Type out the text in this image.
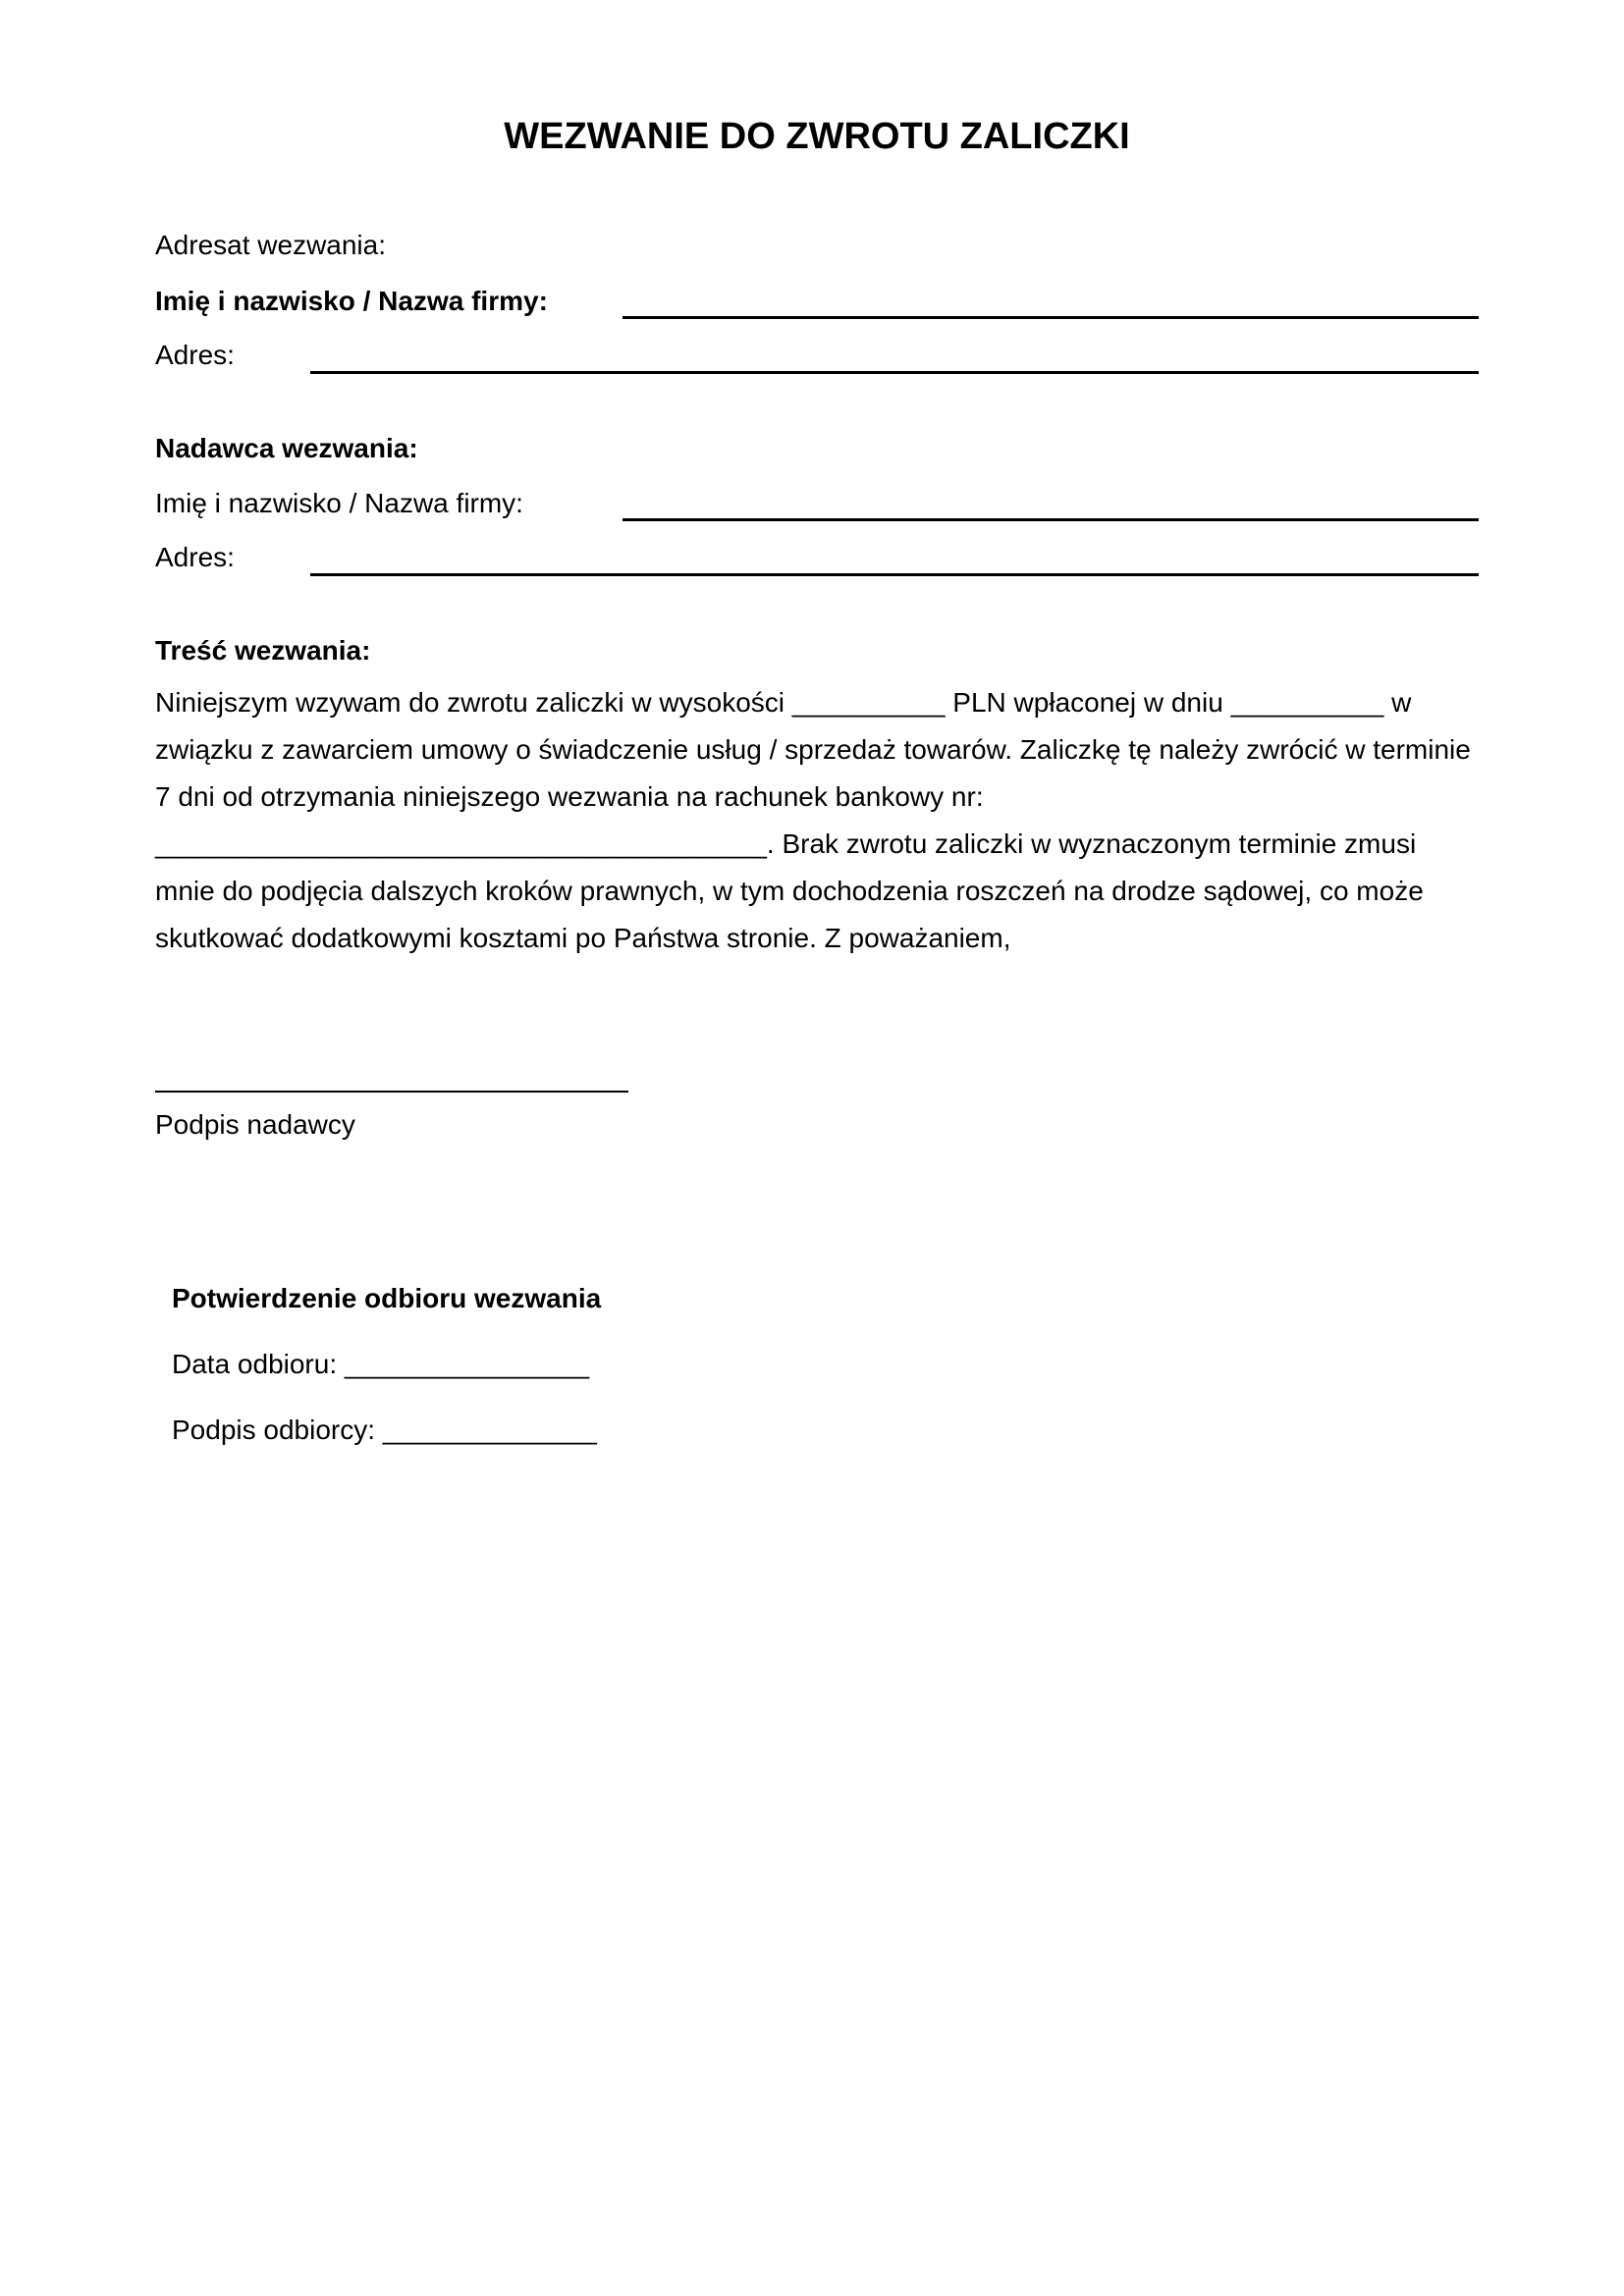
WEZWANIE DO ZWROTU ZALICZKI
Adresat wezwania:
Imię i nazwisko / Nazwa firmy:
Adres:
Nadawca wezwania:
Imię i nazwisko / Nazwa firmy:
Adres:
Treść wezwania:
Niniejszym wzywam do zwrotu zaliczki w wysokości __________ PLN wpłaconej w dniu __________ w
związku z zawarciem umowy o świadczenie usług / sprzedaż towarów. Zaliczkę tę należy zwrócić w terminie
7 dni od otrzymania niniejszego wezwania na rachunek bankowy nr:
________________________________________. Brak zwrotu zaliczki w wyznaczonym terminie zmusi
mnie do podjęcia dalszych kroków prawnych, w tym dochodzenia roszczeń na drodze sądowej, co może
skutkować dodatkowymi kosztami po Państwa stronie. Z poważaniem,
Podpis nadawcy
Potwierdzenie odbioru wezwania
Data odbioru: ________________
Podpis odbiorcy: ______________
